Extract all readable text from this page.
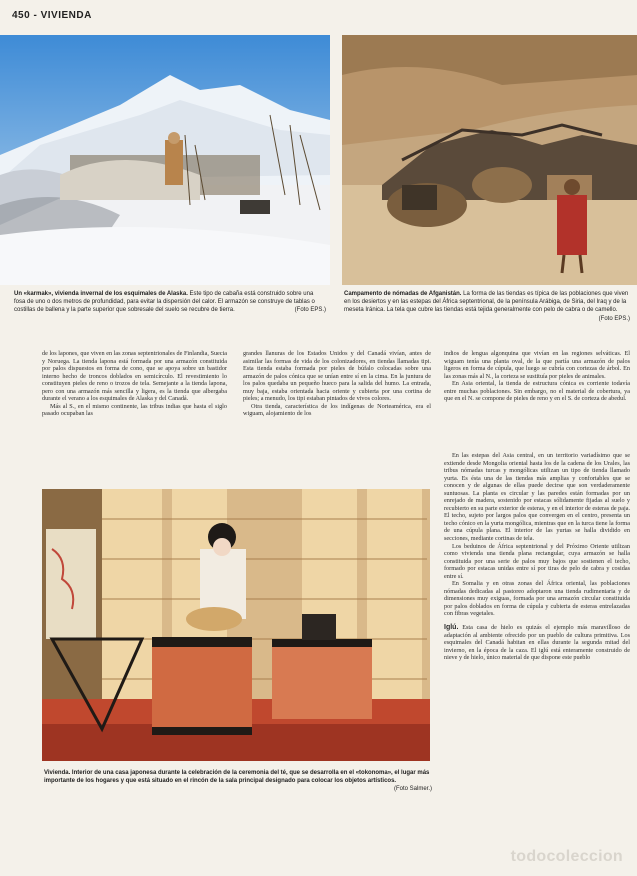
450 - VIVIENDA
Un «karmak», vivienda invernal de los esquimales de Alaska. Este tipo de cabaña está construido sobre una fosa de uno o dos metros de profundidad, para evitar la dispersión del calor. El armazón se construye de tablas o costillas de ballena y la parte superior que sobresale del suelo se recubre de tierra.	(Foto EPS.)
Campamento de nómadas de Afganistán. La forma de las tiendas es típica de las poblaciones que viven en los desiertos y en las estepas del África septentrional, de la península Arábiga, de Siria, del Iraq y de la meseta Iránica. La tela que cubre las tiendas está tejida generalmente con pelo de cabra o de camello.
(Foto EPS.)

de los lapones, que viven en las zonas septentrionales de Finlandia, Suecia y Noruega. La tienda lapona está formada por una armazón constituida por palos dispuestos en forma de cono, que se apoya sobre un bastidor interno hecho de troncos doblados en semicírculo. El revestimiento lo constituyen pieles de reno o trozos de tela. Semejante a la tienda lapona, pero con una armazón más sencilla y ligera, es la tienda que albergaba durante el verano a los esquimales de Alaska y del Canadá.

Más al S., en el mismo continente, las tribus indias que hasta el siglo pasado ocupaban las

grandes llanuras de los Estados Unidos y del Canadá vivían, antes de asimilar las formas de vida de los colonizadores, en tiendas llamadas tipi. Esta tienda estaba formada por pieles de búfalo colocadas sobre una armazón de palos cónica que se unían entre sí en la cima. En la juntura de los palos quedaba un pequeño hueco para la salida del humo. La entrada, muy baja, estaba orientada hacia oriente y cubierta por una cortina de pieles; a menudo, los tipi estaban pintados de vivos colores.

Otra tienda, característica de los indígenas de Norteamérica, era el wiguam, alojamiento de los

indios de lengua algonquina que vivían en las regiones selváticas. El wiguam tenía una planta oval, de la que partía una armazón de palos ligeros en forma de cúpula, que luego se cubría con cortezas de árbol. En las zonas más al N., la corteza se sustituía por pieles de animales.

En Asia oriental, la tienda de estructura cónica es corriente todavía entre muchas poblaciones. Sin embargo, no el material de cobertura, ya que en el N. se compone de pieles de reno y en el S. de corteza de abedul.

Vivienda. Interior de una casa japonesa durante la celebración de la ceremonia del té, que se desarrolla en el «tokonoma», el lugar más importante de los hogares y que está situado en el rincón de la sala principal designado para colocar los objetos artísticos.
(Foto Salmer.)

En las estepas del Asia central, en un territorio variadísimo que se extiende desde Mongolia oriental hasta los de la cadena de los Urales, las tribus nómadas turcas y mongólicas utilizan un tipo de tienda llamado yurta. Es ésta una de las tiendas más amplias y confortables que se conocen y de algunas de ellas puede decirse que son verdaderamente suntuosas. La planta es circular y las paredes están formadas por un enrejado de madera, sostenido por estacas sólidamente fijadas al suelo y recubierto en su parte exterior de esteras, y en el interior de esteras de paja. El techo, sujeto por largos palos que convergen en el centro, presenta un techo cónico en la yurta mongólica, mientras que en la turca tiene la forma de una cúpula plana. El interior de las yurtas se halla dividido en secciones, mediante cortinas de tela.

Los beduinos de África septentrional y del Próximo Oriente utilizan como vivienda una tienda plana rectangular, cuya armazón se halla constituida por una serie de palos muy bajos que sostienen el techo, formado por estacas unidas entre sí por tiras de pelo de cabra y cosidas entre sí.

En Somalia y en otras zonas del África oriental, las poblaciones nómadas dedicadas al pastoreo adoptaron una tienda rudimentaria y de dimensiones muy exiguas, formada por una armazón circular constituida por palos doblados en forma de cúpula y cubierta de esteras entrelazadas con fibras vegetales.

Iglú. Esta casa de hielo es quizás el ejemplo más maravilloso de adaptación al ambiente ofrecido por un pueblo de cultura primitiva. Los esquimales del Canadá habitan en ellas durante la segunda mitad del invierno, en la época de la caza. El iglú está enteramente construido de nieve y de hielo, único material de que dispone este pueblo

todocoleccion
